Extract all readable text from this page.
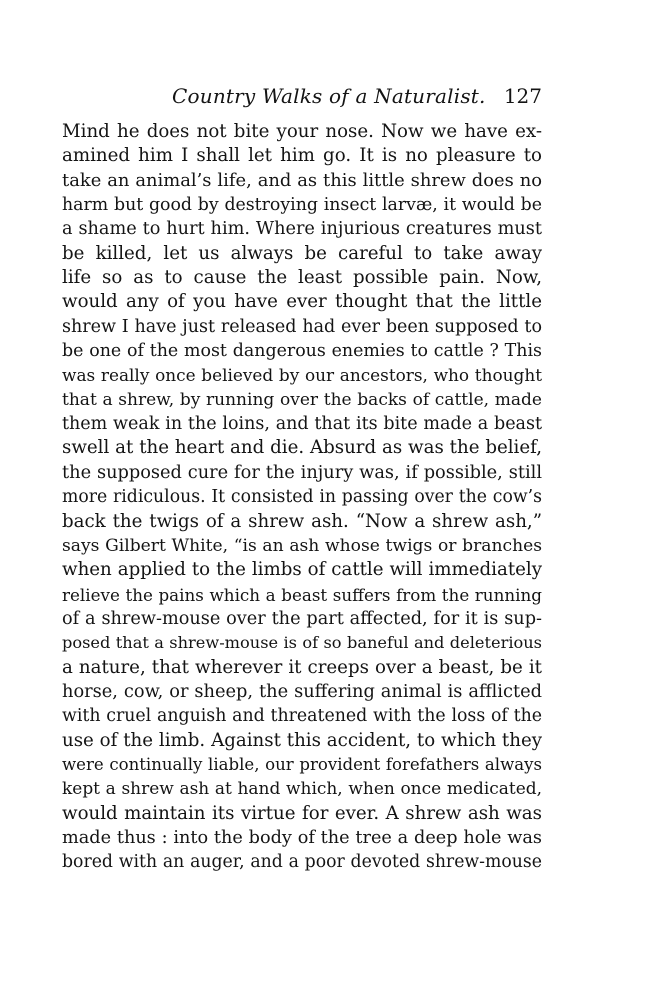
Country Walks of a Naturalist. 127
Mind he does not bite your nose. Now we have ex-
amined him I shall let him go. It is no pleasure to
take an animal’s life, and as this little shrew does no
harm but good by destroying insect larvæ, it would be
a shame to hurt him. Where injurious creatures must
be killed, let us always be careful to take away
life so as to cause the least possible pain. Now,
would any of you have ever thought that the little
shrew I have just released had ever been supposed to
be one of the most dangerous enemies to cattle ? This
was really once believed by our ancestors, who thought
that a shrew, by running over the backs of cattle, made
them weak in the loins, and that its bite made a beast
swell at the heart and die. Absurd as was the belief,
the supposed cure for the injury was, if possible, still
more ridiculous. It consisted in passing over the cow’s
back the twigs of a shrew ash. “Now a shrew ash,”
says Gilbert White, “is an ash whose twigs or branches
when applied to the limbs of cattle will immediately
relieve the pains which a beast suffers from the running
of a shrew-mouse over the part affected, for it is sup-
posed that a shrew-mouse is of so baneful and deleterious
a nature, that wherever it creeps over a beast, be it
horse, cow, or sheep, the suffering animal is afflicted
with cruel anguish and threatened with the loss of the
use of the limb. Against this accident, to which they
were continually liable, our provident forefathers always
kept a shrew ash at hand which, when once medicated,
would maintain its virtue for ever. A shrew ash was
made thus : into the body of the tree a deep hole was
bored with an auger, and a poor devoted shrew-mouse
